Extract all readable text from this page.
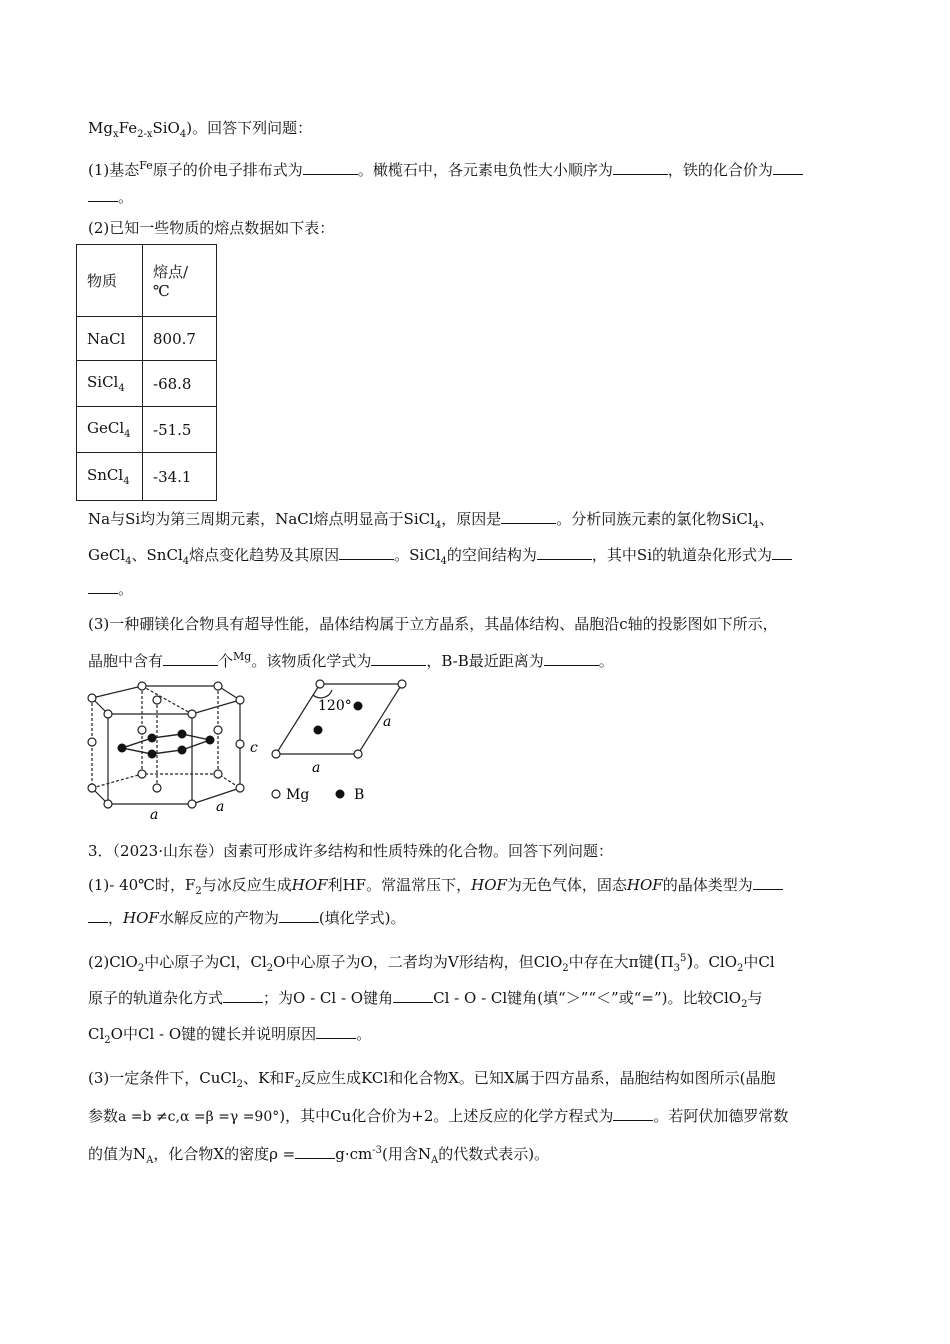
$Mg_xFe_{2-x}SiO_4$)。回答下列问题：
(1)基态$^{Fe}$原子的价电子排布式为	。橄榄石中，各元素电负性大小顺序为	，铁的化合价为
。
(2)已知一些物质的熔点数据如下表：
物质	熔点/
℃
NaCl	800.7
SiCl$_4$	-68.8
GeCl$_4$	-51.5
SnCl$_4$	-34.1
Na与Si均为第三周期元素，NaCl熔点明显高于SiCl$_4$，原因是	。分析同族元素的氯化物SiCl$_4$、
GeCl$_4$、SnCl$_4$熔点变化趋势及其原因	。SiCl$_4$的空间结构为	，其中Si的轨道杂化形式为
。
(3)一种硼镁化合物具有超导性能，晶体结构属于立方晶系，其晶体结构、晶胞沿c轴的投影图如下所示，
晶胞中含有	个$^{Mg}$。该物质化学式为	，B-B最近距离为	。
c
a	a
120°
a
a
Mg	B
3．（2023·山东卷）卤素可形成许多结构和性质特殊的化合物。回答下列问题：
(1)- 40℃时，$F_2$与冰反应生成HOF利HF。常温常压下，HOF为无色气体，固态HOF的晶体类型为
，HOF水解反应的产物为	(填化学式)。
(2)ClO$_2$中心原子为Cl，$Cl_2O$中心原子为O，二者均为V形结构，但ClO$_2$中存在大π键$(\Pi_3^5)$。ClO$_2$中Cl
原子的轨道杂化方式	；为O - Cl - O键角	Cl - O - Cl键角(填“＞”“＜”或“=”)。比较ClO$_2$与
$Cl_2O$中Cl - O键的键长并说明原因	。
(3)一定条件下，CuCl$_2$、K和$F_2$反应生成KCl和化合物X。已知X属于四方晶系，晶胞结构如图所示(晶胞
参数a =b ≠c,α =β =γ =90°)，其中Cu化合价为+2。上述反应的化学方程式为	。若阿伏加德罗常数
的值为$N_A$，化合物X的密度ρ =	$g\cdot cm^{-3}$(用含$N_A$的代数式表示)。
